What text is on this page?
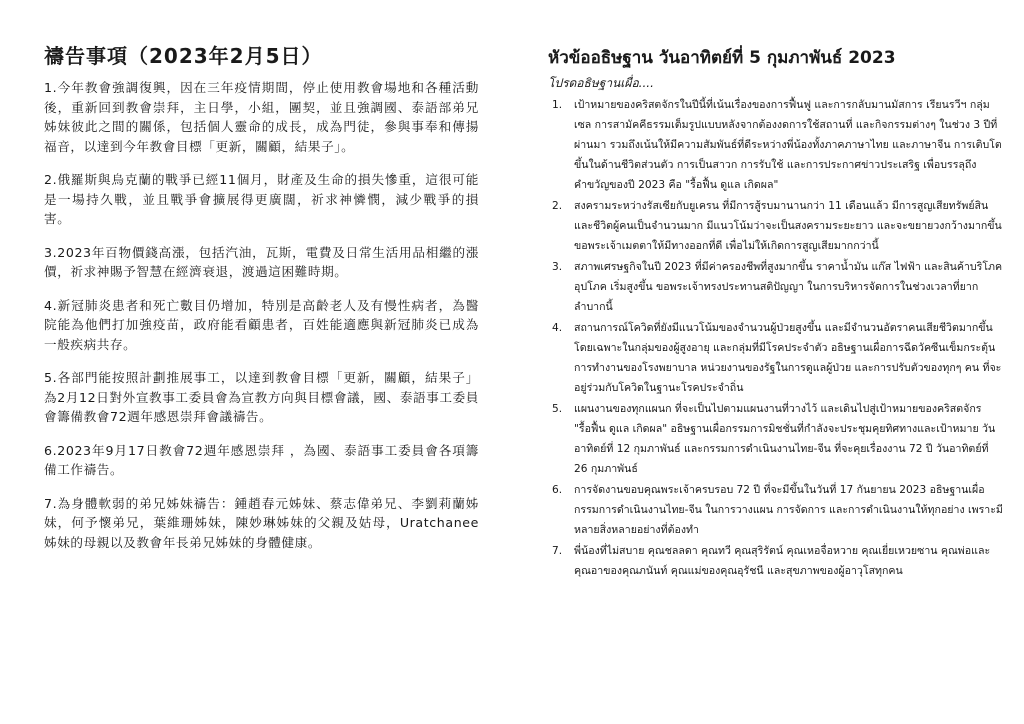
禱告事項（2023年2月5日）

1.今年教會強調復興，因在三年疫情期間，停止使用教會場地和各種活動後，重新回到教會崇拜，主日學，小組，團契，並且強調國、泰語部弟兄姊妹彼此之間的關係，包括個人靈命的成長，成為門徒，參與事奉和傳揚福音，以達到今年教會目標「更新，關顧，結果子」。

2.俄羅斯與烏克蘭的戰爭已經11個月，財產及生命的損失慘重，這很可能是一場持久戰，並且戰爭會擴展得更廣闊，祈求神憐憫，減少戰爭的損害。

3.2023年百物價錢高漲，包括汽油，瓦斯，電費及日常生活用品相繼的漲價，祈求神賜予智慧在經濟衰退，渡過這困難時期。

4.新冠肺炎患者和死亡數目仍增加，特別是高齡老人及有慢性病者，為醫院能為他們打加強疫苗，政府能看顧患者，百姓能適應與新冠肺炎已成為一般疾病共存。

5.各部門能按照計劃推展事工，以達到教會目標「更新，關顧，結果子」為2月12日對外宣教事工委員會為宣教方向與目標會議，國、泰語事工委員會籌備教會72週年感恩崇拜會議禱告。

6.2023年9月17日教會72週年感恩崇拜 ，為國、泰語事工委員會各項籌備工作禱告。

7.為身體軟弱的弟兄姊妹禱告：鍾趙春元姊妹、蔡志偉弟兄、李劉莉蘭姊妹，何予懷弟兄，葉維珊姊妹，陳妙琳姊妹的父親及姑母，Uratchanee姊妹的母親以及教會年長弟兄姊妹的身體健康。

หัวข้ออธิษฐาน วันอาทิตย์ที่ 5 กุมภาพันธ์ 2023
โปรดอธิษฐานเผื่อ....
1. เป้าหมายของคริสตจักรในปีนี้ที่เน้นเรื่องของการฟื้นฟู และการกลับมานมัสการ เรียนรวีฯ กลุ่มเซล การสามัคคีธรรมเต็มรูปแบบหลังจากต้องงดการใช้สถานที่ และกิจกรรมต่างๆ ในช่วง 3 ปีที่ผ่านมา รวมถึงเน้นให้มีความสัมพันธ์ที่ดีระหว่างพี่น้องทั้งภาคภาษาไทย และภาษาจีน การเติบโตขึ้นในด้านชีวิตส่วนตัว การเป็นสาวก การรับใช้ และการประกาศข่าวประเสริฐ เพื่อบรรลุถึงคำขวัญของปี 2023 คือ "รื้อฟื้น ดูแล เกิดผล"
2. สงครามระหว่างรัสเซียกับยูเครน ที่มีการสู้รบมานานกว่า 11 เดือนแล้ว มีการสูญเสียทรัพย์สิน และชีวิตผู้คนเป็นจำนวนมาก มีแนวโน้มว่าจะเป็นสงครามระยะยาว และจะขยายวงกว้างมากขึ้น ขอพระเจ้าเมตตาให้มีทางออกที่ดี เพื่อไม่ให้เกิดการสูญเสียมากกว่านี้
3. สภาพเศรษฐกิจในปี 2023 ที่มีค่าครองชีพที่สูงมากขึ้น ราคาน้ำมัน แก๊ส ไฟฟ้า และสินค้าบริโภค อุปโภค เริ่มสูงขึ้น ขอพระเจ้าทรงประทานสติปัญญา ในการบริหารจัดการในช่วงเวลาที่ยากลำบากนี้
4. สถานการณ์โควิดที่ยังมีแนวโน้มของจำนวนผู้ป่วยสูงขึ้น และมีจำนวนอัตราคนเสียชีวิตมากขึ้น โดยเฉพาะในกลุ่มของผู้สูงอายุ และกลุ่มที่มีโรคประจำตัว อธิษฐานเผื่อการฉีดวัคซีนเข็มกระตุ้น การทำงานของโรงพยาบาล หน่วยงานของรัฐในการดูแลผู้ป่วย และการปรับตัวของทุกๆ คน ที่จะอยู่ร่วมกับโควิดในฐานะโรคประจำถิ่น
5. แผนงานของทุกแผนก ที่จะเป็นไปตามแผนงานที่วางไว้ และเดินไปสู่เป้าหมายของคริสตจักร "รื้อฟื้น ดูแล เกิดผล" อธิษฐานเผื่อกรรมการมิชชั่นที่กำลังจะประชุมคุยทิศทางและเป้าหมาย วันอาทิตย์ที่ 12 กุมภาพันธ์ และกรรมการดำเนินงานไทย-จีน ที่จะคุยเรื่องงาน 72 ปี วันอาทิตย์ที่ 26 กุมภาพันธ์
6. การจัดงานขอบคุณพระเจ้าครบรอบ 72 ปี ที่จะมีขึ้นในวันที่ 17 กันยายน 2023 อธิษฐานเผื่อกรรมการดำเนินงานไทย-จีน ในการวางแผน การจัดการ และการดำเนินงานให้ทุกอย่าง เพราะมีหลายสิ่งหลายอย่างที่ต้องทำ
7. พี่น้องที่ไม่สบาย คุณชลลดา คุณทวี คุณสุริรัตน์ คุณเหอจื่อหวาย คุณเยี่ยเหวยซาน คุณพ่อและคุณอาของคุณภนันท์ คุณแม่ของคุณอุรัชนี และสุขภาพของผู้อาวุโสทุกคน
